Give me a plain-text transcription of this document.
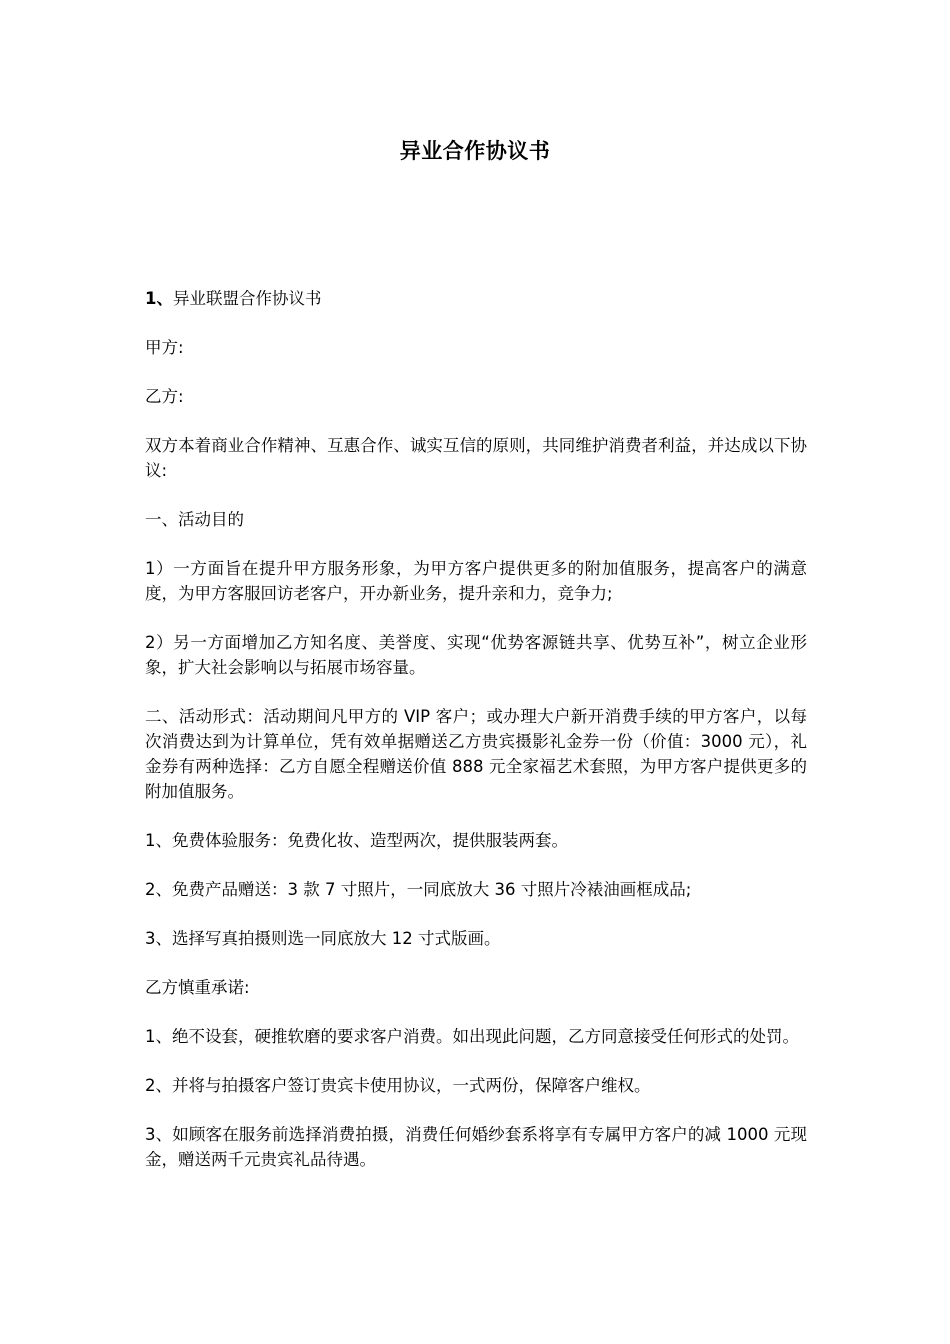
异业合作协议书

1、异业联盟合作协议书

甲方:

乙方:

双方本着商业合作精神、互惠合作、诚实互信的原则，共同维护消费者利益，并达成以下协议:

一、活动目的

1）一方面旨在提升甲方服务形象，为甲方客户提供更多的附加值服务，提高客户的满意度，为甲方客服回访老客户，开办新业务，提升亲和力，竞争力;

2）另一方面增加乙方知名度、美誉度、实现“优势客源链共享、优势互补”，树立企业形象，扩大社会影响以与拓展市场容量。

二、活动形式：活动期间凡甲方的 VIP 客户；或办理大户新开消费手续的甲方客户，以每次消费达到为计算单位，凭有效单据赠送乙方贵宾摄影礼金券一份（价值：3000 元），礼金券有两种选择：乙方自愿全程赠送价值 888 元全家福艺术套照，为甲方客户提供更多的附加值服务。

1、免费体验服务：免费化妆、造型两次，提供服装两套。

2、免费产品赠送：3 款 7 寸照片，一同底放大 36 寸照片冷裱油画框成品;

3、选择写真拍摄则选一同底放大 12 寸式版画。

乙方慎重承诺:

1、绝不设套，硬推软磨的要求客户消费。如出现此问题，乙方同意接受任何形式的处罚。

2、并将与拍摄客户签订贵宾卡使用协议，一式两份，保障客户维权。

3、如顾客在服务前选择消费拍摄，消费任何婚纱套系将享有专属甲方客户的减 1000 元现金，赠送两千元贵宾礼品待遇。
